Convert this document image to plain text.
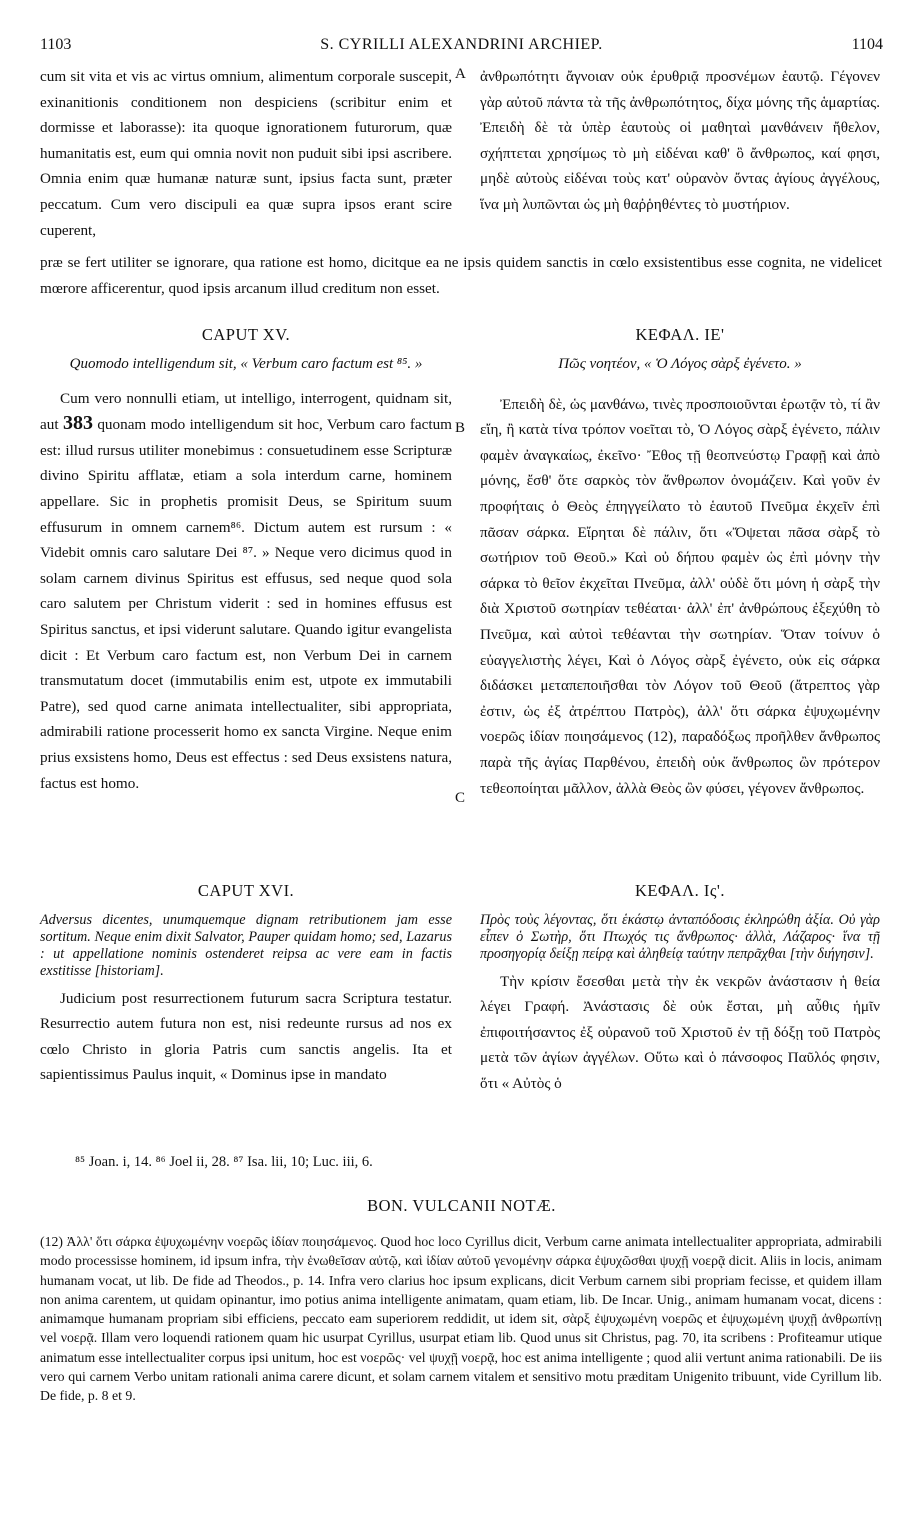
1103	S. CYRILLI ALEXANDRINI ARCHIEP.	1104

cum sit vita et vis ac virtus omnium, alimentum corporale suscepit, exinanitionis conditionem non despiciens (scribitur enim et dormisse et laborasse): ita quoque ignorationem futurorum, quæ humanitatis est, eum qui omnia novit non puduit sibi ipsi ascribere. Omnia enim quæ humanæ naturæ sunt, ipsius facta sunt, præter peccatum. Cum vero discipuli ea quæ supra ipsos erant scire cuperent,

A ἀνθρωπότητι ἄγνοιαν οὐκ ἐρυθριᾷ προσνέμων ἑαυτῷ. Γέγονεν γὰρ αὐτοῦ πάντα τὰ τῆς ἀνθρωπότητος, δίχα μόνης τῆς ἁμαρτίας. Ἐπειδὴ δὲ τὰ ὑπὲρ ἑαυτοὺς οἱ μαθηταὶ μανθάνειν ἤθελον, σχήπτεται χρησίμως τὸ μὴ εἰδέναι καθ' ὃ ἄνθρωπος, καί φησι, μηδὲ αὐτοὺς εἰδέναι τοὺς κατ' οὐρανὸν ὄντας ἁγίους ἀγγέλους, ἵνα μὴ λυπῶνται ὡς μὴ θαῤῥηθέντες τὸ μυστήριον.

præ se fert utiliter se ignorare, qua ratione est homo, dicitque ea ne ipsis quidem sanctis in cœlo exsistentibus esse cognita, ne videlicet mœrore afficerentur, quod ipsis arcanum illud creditum non esset.

CAPUT XV.
Quomodo intelligendum sit, « Verbum caro factum est ⁸⁵. »

Cum vero nonnulli etiam, ut intelligo, interrogent, quidnam sit, aut 383 quonam modo intelligendum sit hoc, Verbum caro factum est: illud rursus utiliter monebimus : consuetudinem esse Scripturæ divino Spiritu afflatæ, etiam a sola interdum carne, hominem appellare. Sic in prophetis promisit Deus, se Spiritum suum effusurum in omnem carnem⁸⁶. Dictum autem est rursum : « Videbit omnis caro salutare Dei ⁸⁷. » Neque vero dicimus quod in solam carnem divinus Spiritus est effusus, sed neque quod sola caro salutem per Christum viderit : sed in homines effusus est Spiritus sanctus, et ipsi viderunt salutare. Quando igitur evangelista dicit : Et Verbum caro factum est, non Verbum Dei in carnem transmutatum docet (immutabilis enim est, utpote ex immutabili Patre), sed quod carne animata intellectualiter, sibi appropriata, admirabili ratione processerit homo ex sancta Virgine. Neque enim prius exsistens homo, Deus est effectus : sed Deus exsistens natura, factus est homo.

B
ΚΕΦΑΛ. ΙΕ'
Πῶς νοητέον, « Ὁ Λόγος σὰρξ ἐγένετο. »

Ἐπειδὴ δὲ, ὡς μανθάνω, τινὲς προσποιοῦνται ἐρωτᾷν τὸ, τί ἂν εἴη, ἢ κατὰ τίνα τρόπον νοεῖται τὸ, Ὁ Λόγος σὰρξ ἐγένετο, πάλιν φαμὲν ἀναγκαίως, ἐκεῖνο· Ἔθος τῇ θεοπνεύστῳ Γραφῇ καὶ ἀπὸ μόνης, ἔσθ' ὅτε σαρκὸς τὸν ἄνθρωπον ὀνομάζειν. Καὶ γοῦν ἐν προφήταις ὁ Θεὸς ἐπηγγείλατο τὸ ἑαυτοῦ Πνεῦμα ἐκχεῖν ἐπὶ πᾶσαν σάρκα. Εἴρηται δὲ πάλιν, ὅτι «Ὄψεται πᾶσα σὰρξ τὸ σωτήριον τοῦ Θεοῦ.» Καὶ οὐ δήπου φαμὲν ὡς ἐπὶ μόνην τὴν σάρκα τὸ θεῖον ἐκχεῖται Πνεῦμα, ἀλλ' οὐδὲ ὅτι μόνη ἡ σὰρξ τὴν διὰ Χριστοῦ σωτηρίαν τεθέαται· ἀλλ' ἐπ' ἀνθρώπους ἐξεχύθη τὸ Πνεῦμα, καὶ αὐτοὶ τεθέανται τὴν σωτηρίαν. Ὅταν τοίνυν ὁ εὐαγγελιστὴς λέγει, Καὶ ὁ Λόγος σὰρξ ἐγένετο, οὐκ εἰς σάρκα διδάσκει μεταπεποιῆσθαι τὸν Λόγον τοῦ Θεοῦ (ἄτρεπτος γὰρ ἐστιν, ὡς ἐξ ἀτρέπτου Πατρὸς), ἀλλ' ὅτι σάρκα ἐψυχωμένην νοερῶς ἰδίαν ποιησάμενος (12), παραδόξως προῆλθεν ἄνθρωπος παρὰ τῆς ἁγίας Παρθένου, ἐπειδὴ οὐκ ἄνθρωπος ὢν πρότερον τεθεοποίηται μᾶλλον, ἀλλὰ Θεὸς ὢν φύσει, γέγονεν ἄνθρωπος.

C
CAPUT XVI.
Adversus dicentes, unumquemque dignam retributionem jam esse sortitum. Neque enim dixit Salvator, Pauper quidam homo; sed, Lazarus : ut appellatione nominis ostenderet reipsa ac vere eam in factis exstitisse [historiam].

Judicium post resurrectionem futurum sacra Scriptura testatur. Resurrectio autem futura non est, nisi redeunte rursus ad nos ex cœlo Christo in gloria Patris cum sanctis angelis. Ita et sapientissimus Paulus inquit, « Dominus ipse in mandato

ΚΕΦΑΛ. Ις'.
Πρὸς τοὺς λέγοντας, ὅτι ἑκάστῳ ἀνταπόδοσις ἐκληρώθη ἀξία. Οὐ γὰρ εἶπεν ὁ Σωτὴρ, ὅτι Πτωχός τις ἄνθρωπος· ἀλλὰ, Λάζαρος· ἵνα τῇ προσηγορίᾳ δείξῃ πείρᾳ καὶ ἀληθείᾳ ταύτην πεπρᾶχθαι [τὴν διήγησιν].

Τὴν κρίσιν ἔσεσθαι μετὰ τὴν ἐκ νεκρῶν ἀνάστασιν ἡ θεία λέγει Γραφή. Ἀνάστασις δὲ οὐκ ἔσται, μὴ αὖθις ἡμῖν ἐπιφοιτήσαντος ἐξ οὐρανοῦ τοῦ Χριστοῦ ἐν τῇ δόξῃ τοῦ Πατρὸς μετὰ τῶν ἁγίων ἀγγέλων. Οὕτω καὶ ὁ πάνσοφος Παῦλός φησιν, ὅτι « Αὐτὸς ὁ

⁸⁵ Joan. i, 14. ⁸⁶ Joel ii, 28. ⁸⁷ Isa. lii, 10; Luc. iii, 6.
BON. VULCANII NOTÆ.

(12) Ἀλλ' ὅτι σάρκα ἐψυχωμένην νοερῶς ἰδίαν ποιησάμενος. Quod hoc loco Cyrillus dicit, Verbum carne animata intellectualiter appropriata, admirabili modo processisse hominem, id ipsum infra, τὴν ἑνωθεῖσαν αὐτῷ, καὶ ἰδίαν αὐτοῦ γενομένην σάρκα ἐψυχῶσθαι ψυχῇ νοερᾷ dicit. Aliis in locis, animam humanam vocat, ut lib. De fide ad Theodos., p. 14. Infra vero clarius hoc ipsum explicans, dicit Verbum carnem sibi propriam fecisse, et quidem illam non anima carentem, ut quidam opinantur, imo potius anima intelligente animatam, quam etiam, lib. De Incar. Unig., animam humanam vocat, dicens : animamque humanam propriam sibi efficiens, peccato eam superiorem reddidit, ut idem sit, σὰρξ ἐψυχωμένη νοερῶς et ἐψυχωμένη ψυχῇ ἀνθρωπίνῃ vel νοερᾷ. Illam vero loquendi rationem quam hic usurpat Cyrillus, usurpat etiam lib. Quod unus sit Christus, pag. 70, ita scribens : Profiteamur utique animatum esse intellectualiter corpus ipsi unitum, hoc est νοερῶς· vel ψυχῇ νοερᾷ, hoc est anima intelligente ; quod alii vertunt anima rationabili. De iis vero qui carnem Verbo unitam rationali anima carere dicunt, et solam carnem vitalem et sensitivo motu præditam Unigenito tribuunt, vide Cyrillum lib. De fide, p. 8 et 9.
